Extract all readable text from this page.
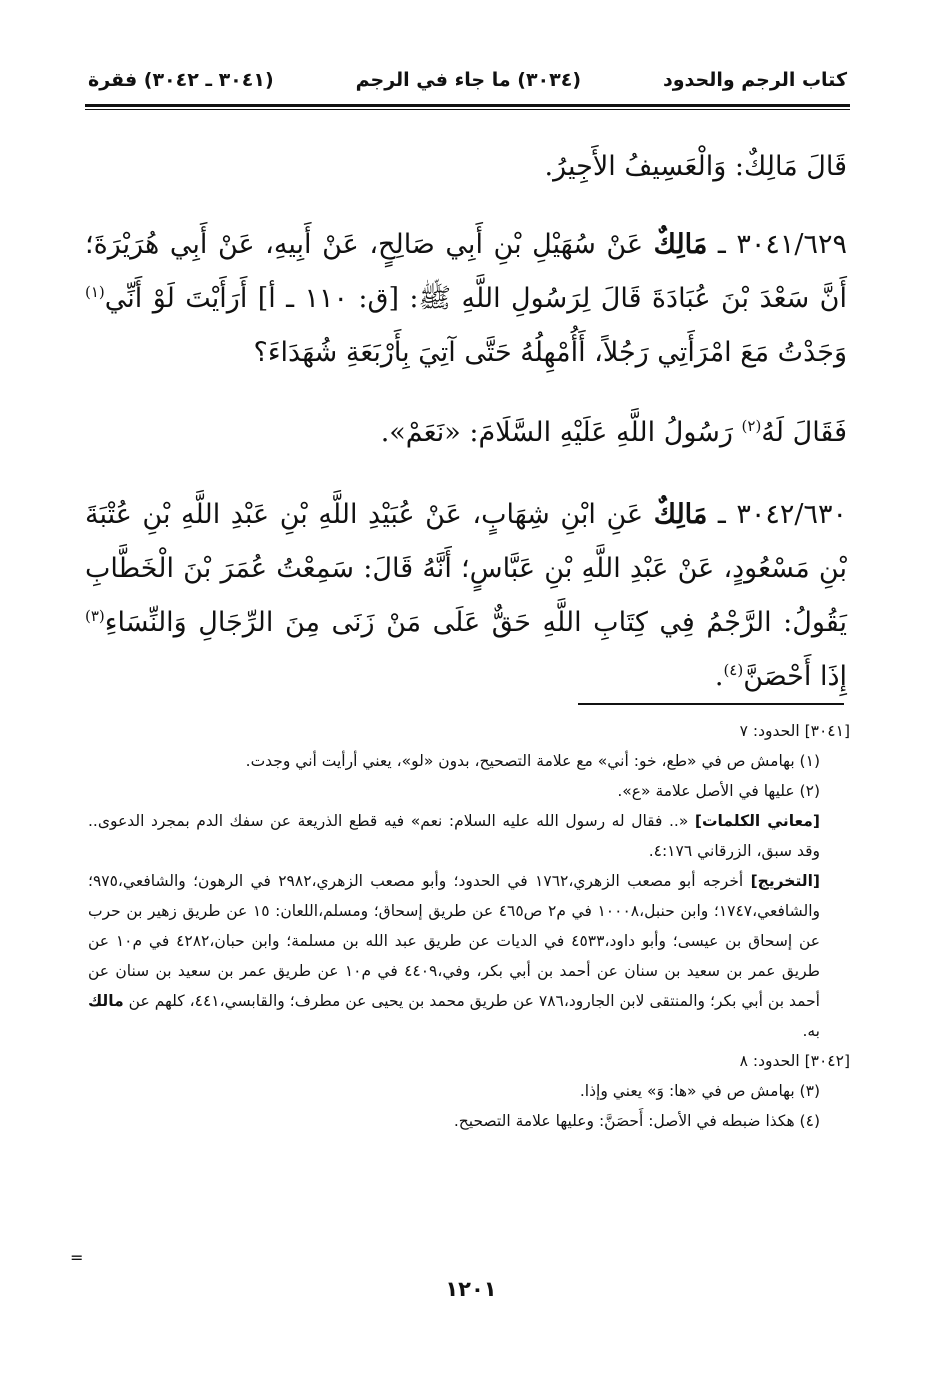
كتاب الرجم والحدود
(٣٠٣٤) ما جاء في الرجم
(٣٠٤١ ـ ٣٠٤٢) فقرة

قَالَ مَالِكٌ: وَالْعَسِيفُ الأَجِيرُ.

٣٠٤١/٦٢٩ ـ مَالِكٌ عَنْ سُهَيْلِ بْنِ أَبِي صَالِحٍ، عَنْ أَبِيهِ، عَنْ أَبِي هُرَيْرَةَ؛ أَنَّ سَعْدَ بْنَ عُبَادَةَ قَالَ لِرَسُولِ اللَّهِ ﷺ: [ق: ١١٠ ـ أ] أَرَأَيْتَ لَوْ أَنِّي$^{(١)}$ وَجَدْتُ مَعَ امْرَأَتِي رَجُلاً، أَأُمْهِلُهُ حَتَّى آتِيَ بِأَرْبَعَةِ شُهَدَاءَ؟

فَقَالَ لَهُ$^{(٢)}$ رَسُولُ اللَّهِ عَلَيْهِ السَّلَامَ: «نَعَمْ».

٣٠٤٢/٦٣٠ ـ مَالِكٌ عَنِ ابْنِ شِهَابٍ، عَنْ عُبَيْدِ اللَّهِ بْنِ عَبْدِ اللَّهِ بْنِ عُتْبَةَ بْنِ مَسْعُودٍ، عَنْ عَبْدِ اللَّهِ بْنِ عَبَّاسٍ؛ أَنَّهُ قَالَ: سَمِعْتُ عُمَرَ بْنَ الْخَطَّابِ يَقُولُ: الرَّجْمُ فِي كِتَابِ اللَّهِ حَقٌّ عَلَى مَنْ زَنَى مِنَ الرِّجَالِ وَالنِّسَاءِ$^{(٣)}$ إِذَا أَحْصَنَّ$^{(٤)}$.

[٣٠٤١] الحدود: ٧

(١) بهامش ص في «طع، خو: أني» مع علامة التصحيح، بدون «لو»، يعني أرأيت أني وجدت.

(٢) عليها في الأصل علامة «ع».

[معاني الكلمات] «.. فقال له رسول الله عليه السلام: نعم» فيه قطع الذريعة عن سفك الدم بمجرد الدعوى.. وقد سبق، الزرقاني ٤:١٧٦.

[التخريج] أخرجه أبو مصعب الزهري،١٧٦٢ في الحدود؛ وأبو مصعب الزهري،٢٩٨٢ في الرهون؛ والشافعي،٩٧٥؛ والشافعي،١٧٤٧؛ وابن حنبل،١٠٠٠٨ في م٢ ص٤٦٥ عن طريق إسحاق؛ ومسلم،اللعان: ١٥ عن طريق زهير بن حرب عن إسحاق بن عيسى؛ وأبو داود،٤٥٣٣ في الديات عن طريق عبد الله بن مسلمة؛ وابن حبان،٤٢٨٢ في م١٠ عن طريق عمر بن سعيد بن سنان عن أحمد بن أبي بكر، وفي،٤٤٠٩ في م١٠ عن طريق عمر بن سعيد بن سنان عن أحمد بن أبي بكر؛ والمنتقى لابن الجارود،٧٨٦ عن طريق محمد بن يحيى عن مطرف؛ والقابسي،٤٤١، كلهم عن مالك به.

[٣٠٤٢] الحدود: ٨

(٣) بهامش ص في «ها: وَ» يعني وإذا.

(٤) هكذا ضبطه في الأصل: أَحصَنَّ: وعليها علامة التصحيح.

=
١٢٠١
